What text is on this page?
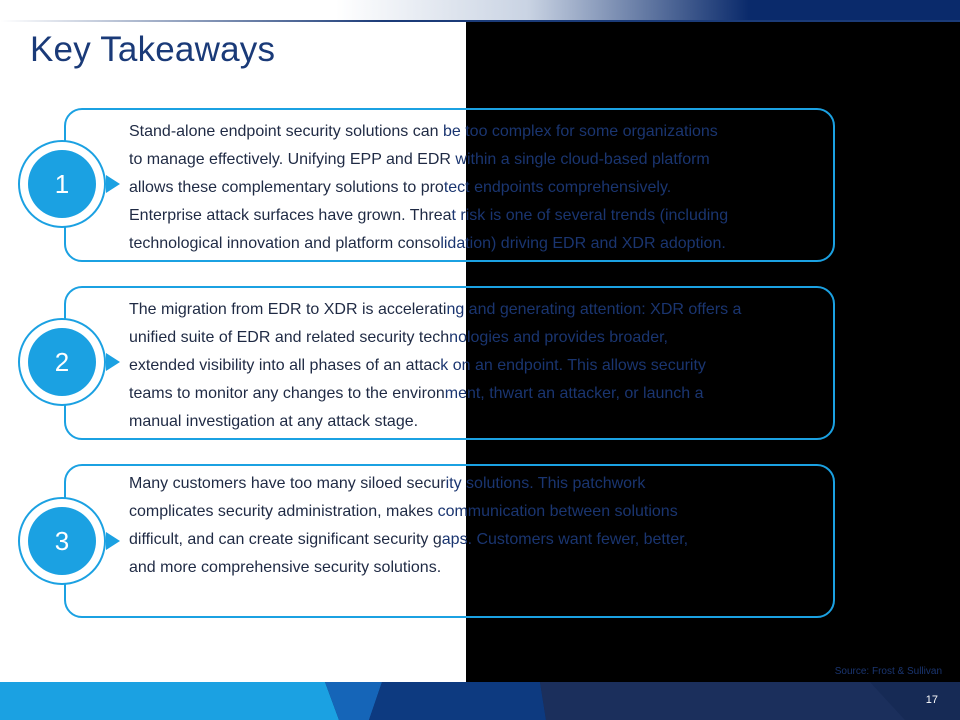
Key Takeaways
1
Stand-alone endpoint security solutions can be too complex for some organizations
to manage effectively. Unifying EPP and EDR within a single cloud-based platform
allows these complementary solutions to protect endpoints comprehensively.
Enterprise attack surfaces have grown. Threat risk is one of several trends (including
technological innovation and platform consolidation) driving EDR and XDR adoption.
2
The migration from EDR to XDR is accelerating and generating attention: XDR offers a
unified suite of EDR and related security technologies and provides broader,
extended visibility into all phases of an attack on an endpoint. This allows security
teams to monitor any changes to the environment, thwart an attacker, or launch a
manual investigation at any attack stage.
3
Many customers have too many siloed security solutions. This patchwork
complicates security administration, makes communication between solutions
difficult, and can create significant security gaps. Customers want fewer, better,
and more comprehensive security solutions.
Source: Frost & Sullivan
17
